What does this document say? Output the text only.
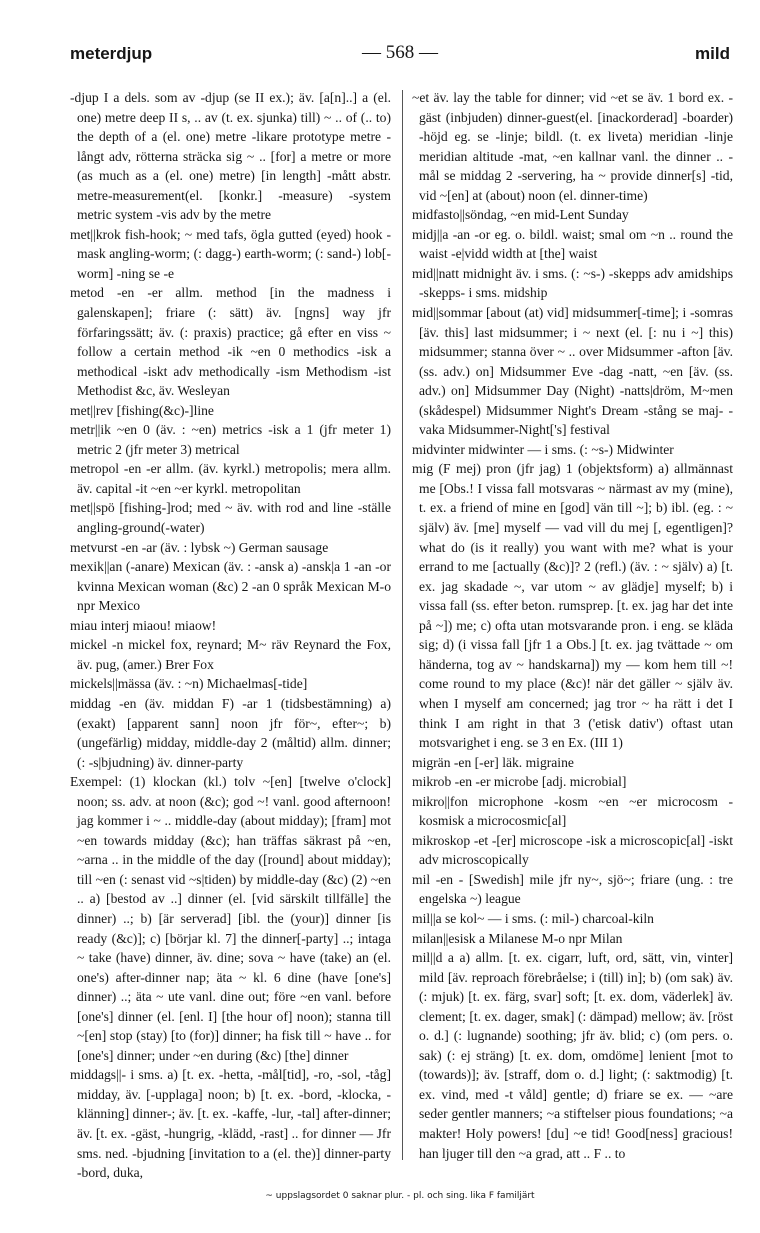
meterdjup	— 568 —	mild

-djup I a dels. som av -djup (se II ex.); äv. [a[n]..] a (el. one) metre deep II s, .. av (t. ex. sjunka) till) ~ .. of (.. to) the depth of a (el. one) metre -likare prototype metre -långt adv, rötterna sträcka sig ~ .. [for] a metre or more (as much as a (el. one) metre) [in length] -mått abstr. metre-measurement(el. [konkr.] -measure) -system metric system -vis adv by the metre

met||krok fish-hook; ~ med tafs, ögla gutted (eyed) hook -mask angling-worm; (: dagg-) earth-worm; (: sand-) lob[-worm] -ning se -e

metod -en -er allm. method [in the madness i galenskapen]; friare (: sätt) äv. [ngns] way jfr förfaringssätt; äv. (: praxis) practice; gå efter en viss ~ follow a certain method -ik ~en 0 methodics -isk a methodical -iskt adv methodically -ism Methodism -ist Methodist &c, äv. Wesleyan

met||rev [fishing(&c)-]line

metr||ik ~en 0 (äv. : ~en) metrics -isk a 1 (jfr meter 1) metric 2 (jfr meter 3) metrical

metropol -en -er allm. (äv. kyrkl.) metropolis; mera allm. äv. capital -it ~en ~er kyrkl. metropolitan

met||spö [fishing-]rod; med ~ äv. with rod and line -ställe angling-ground(-water)

metvurst -en -ar (äv. : lybsk ~) German sausage

mexik||an (-anare) Mexican (äv. : -ansk a) -ansk|a 1 -an -or kvinna Mexican woman (&c) 2 -an 0 språk Mexican M-o npr Mexico

miau interj miaou! miaow!

mickel -n mickel fox, reynard; M~ räv Reynard the Fox, äv. pug, (amer.) Brer Fox

mickels||mässa (äv. : ~n) Michaelmas[-tide]

middag -en (äv. middan F) -ar 1 (tidsbestämning) a) (exakt) [apparent sann] noon jfr för~, efter~; b) (ungefärlig) midday, middle-day 2 (måltid) allm. dinner; (: -s|bjudning) äv. dinner-party

Exempel: (1) klockan (kl.) tolv ~[en] [twelve o'clock] noon; ss. adv. at noon (&c); god ~! vanl. good afternoon! jag kommer i ~ .. middle-day (about midday); [fram] mot ~en towards midday (&c); han träffas säkrast på ~en, ~arna .. in the middle of the day ([round] about midday); till ~en (: senast vid ~s|tiden) by middle-day (&c) (2) ~en .. a) [bestod av ..] dinner (el. [vid särskilt tillfälle] the dinner) ..; b) [är serverad] [ibl. the (your)] dinner [is ready (&c)]; c) [börjar kl. 7] the dinner[-party] ..; intaga ~ take (have) dinner, äv. dine; sova ~ have (take) an (el. one's) after-dinner nap; äta ~ kl. 6 dine (have [one's] dinner) ..; äta ~ ute vanl. dine out; före ~en vanl. before [one's] dinner (el. [enl. I] [the hour of] noon); stanna till ~[en] stop (stay) [to (for)] dinner; ha fisk till ~ have .. for [one's] dinner; under ~en during (&c) [the] dinner

middags||- i sms. a) [t. ex. -hetta, -mål[tid], -ro, -sol, -tåg] midday, äv. [-upplaga] noon; b) [t. ex. -bord, -klocka, -klänning] dinner-; äv. [t. ex. -kaffe, -lur, -tal] after-dinner; äv. [t. ex. -gäst, -hungrig, -klädd, -rast] .. for dinner — Jfr sms. ned. -bjudning [invitation to a (el. the)] dinner-party -bord, duka,

~et äv. lay the table for dinner; vid ~et se äv. 1 bord ex. -gäst (inbjuden) dinner-guest(el. [inackorderad] -boarder) -höjd eg. se -linje; bildl. (t. ex liveta) meridian -linje meridian altitude -mat, ~en kallnar vanl. the dinner .. -mål se middag 2 -servering, ha ~ provide dinner[s] -tid, vid ~[en] at (about) noon (el. dinner-time)

midfasto||söndag, ~en mid-Lent Sunday

midj||a -an -or eg. o. bildl. waist; smal om ~n .. round the waist -e|vidd width at [the] waist

mid||natt midnight äv. i sms. (: ~s-) -skepps adv amidships -skepps- i sms. midship

mid||sommar [about (at) vid] midsummer[-time]; i -somras [äv. this] last midsummer; i ~ next (el. [: nu i ~] this) midsummer; stanna över ~ .. over Midsummer -afton [äv. (ss. adv.) on] Midsummer Eve -dag -natt, ~en [äv. (ss. adv.) on] Midsummer Day (Night) -natts|dröm, M~men (skådespel) Midsummer Night's Dream -stång se maj- -vaka Midsummer-Night['s] festival

midvinter midwinter — i sms. (: ~s-) Midwinter

mig (F mej) pron (jfr jag) 1 (objektsform) a) allmännast me [Obs.! I vissa fall motsvaras ~ närmast av my (mine), t. ex. a friend of mine en [god] vän till ~]; b) ibl. (eg. : ~ själv) äv. [me] myself — vad vill du mej [, egentligen]? what do (is it really) you want with me? what is your errand to me [actually (&c)]? 2 (refl.) (äv. : ~ själv) a) [t. ex. jag skadade ~, var utom ~ av glädje] myself; b) i vissa fall (ss. efter beton. rumsprep. [t. ex. jag har det inte på ~]) me; c) ofta utan motsvarande pron. i eng. se kläda sig; d) (i vissa fall [jfr 1 a Obs.] [t. ex. jag tvättade ~ om händerna, tog av ~ handskarna]) my — kom hem till ~! come round to my place (&c)! när det gäller ~ själv äv. when I myself am concerned; jag tror ~ ha rätt i det I think I am right in that 3 ('etisk dativ') oftast utan motsvarighet i eng. se 3 en Ex. (III 1)

migrän -en [-er] läk. migraine

mikrob -en -er microbe [adj. microbial]

mikro||fon microphone -kosm ~en ~er microcosm -kosmisk a microcosmic[al]

mikroskop -et -[er] microscope -isk a microscopic[al] -iskt adv microscopically

mil -en - [Swedish] mile jfr ny~, sjö~; friare (ung. : tre engelska ~) league

mil||a se kol~ — i sms. (: mil-) charcoal-kiln

milan||esisk a Milanese M-o npr Milan

mil||d a a) allm. [t. ex. cigarr, luft, ord, sätt, vin, vinter] mild [äv. reproach förebråelse; i (till) in]; b) (om sak) äv. (: mjuk) [t. ex. färg, svar] soft; [t. ex. dom, väderlek] äv. clement; [t. ex. dager, smak] (: dämpad) mellow; äv. [röst o. d.] (: lugnande) soothing; jfr äv. blid; c) (om pers. o. sak) (: ej sträng) [t. ex. dom, omdöme] lenient [mot to (towards)]; äv. [straff, dom o. d.] light; (: saktmodig) [t. ex. vind, med -t våld] gentle; d) friare se ex. — ~are seder gentler manners; ~a stiftelser pious foundations; ~a makter! Holy powers! [du] ~e tid! Good[ness] gracious! han ljuger till den ~a grad, att .. F .. to

~ uppslagsordet 0 saknar plur. - pl. och sing. lika F familjärt
